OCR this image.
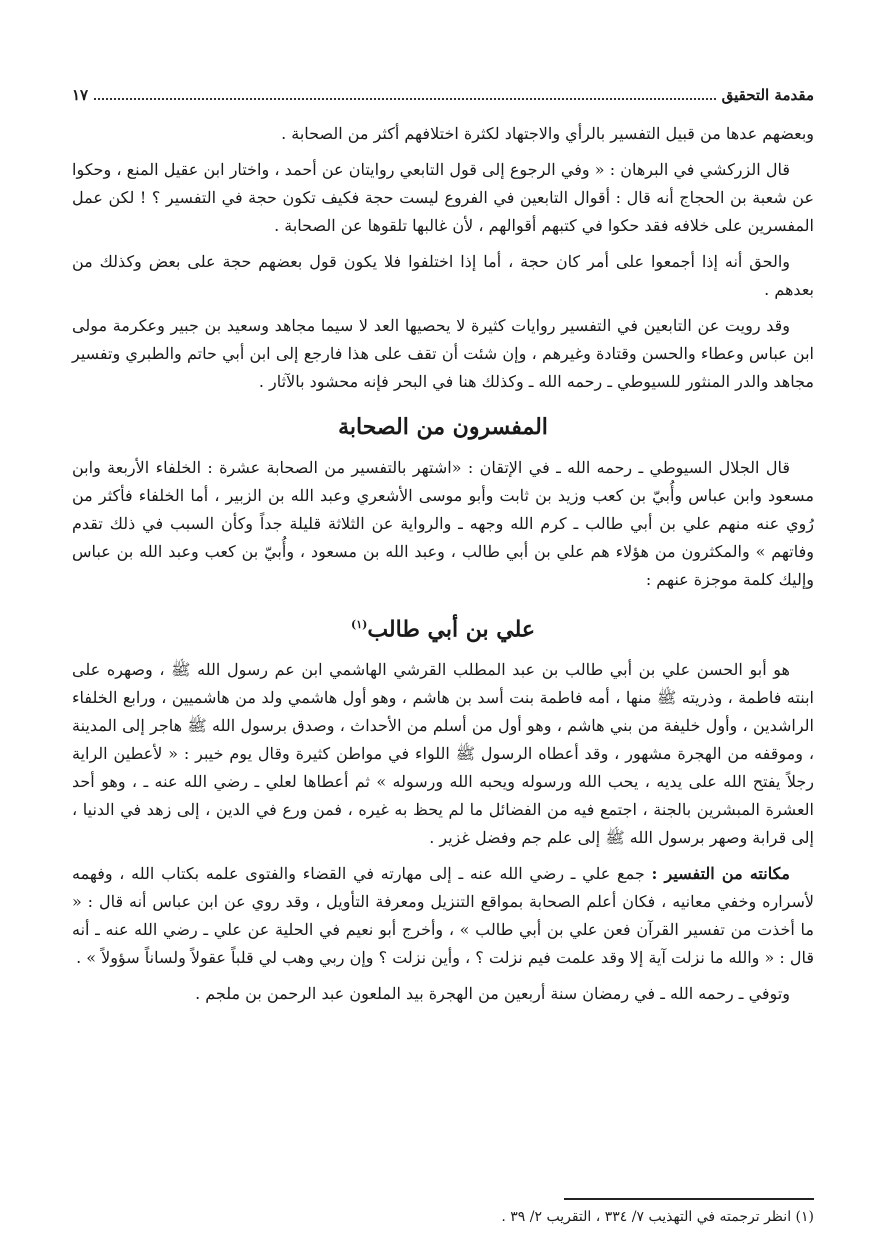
مقدمة التحقيق
١٧

وبعضهم عدها من قبيل التفسير بالرأي والاجتهاد لكثرة اختلافهم أكثر من الصحابة .

قال الزركشي في البرهان : « وفي الرجوع إلى قول التابعي روايتان عن أحمد ، واختار ابن عقيل المنع ، وحكوا عن شعبة بن الحجاج أنه قال : أقوال التابعين في الفروع ليست حجة فكيف تكون حجة في التفسير ؟ ! لكن عمل المفسرين على خلافه فقد حكوا في كتبهم أقوالهم ، لأن غالبها تلقوها عن الصحابة .

والحق أنه إذا أجمعوا على أمر كان حجة ، أما إذا اختلفوا فلا يكون قول بعضهم حجة على بعض وكذلك من بعدهم .

وقد رويت عن التابعين في التفسير روايات كثيرة لا يحصيها العد لا سيما مجاهد وسعيد بن جبير وعكرمة مولى ابن عباس وعطاء والحسن وقتادة وغيرهم ، وإن شئت أن تقف على هذا فارجع إلى ابن أبي حاتم والطبري وتفسير مجاهد والدر المنثور للسيوطي ـ رحمه الله ـ وكذلك هنا في البحر فإنه محشود بالآثار .

المفسرون من الصحابة

قال الجلال السيوطي ـ رحمه الله ـ في الإتقان : «اشتهر بالتفسير من الصحابة عشرة : الخلفاء الأربعة وابن مسعود وابن عباس وأُبيّ بن كعب وزيد بن ثابت وأبو موسى الأشعري وعبد الله بن الزبير ، أما الخلفاء فأكثر من رُوي عنه منهم علي بن أبي طالب ـ كرم الله وجهه ـ والرواية عن الثلاثة قليلة جداً وكأن السبب في ذلك تقدم وفاتهم » والمكثرون من هؤلاء هم علي بن أبي طالب ، وعبد الله بن مسعود ، وأُبيّ بن كعب وعبد الله بن عباس وإليك كلمة موجزة عنهم :

علي بن أبي طالب$^{(١)}$

هو أبو الحسن علي بن أبي طالب بن عبد المطلب القرشي الهاشمي ابن عم رسول الله ﷺ ، وصهره على ابنته فاطمة ، وذريته ﷺ منها ، أمه فاطمة بنت أسد بن هاشم ، وهو أول هاشمي ولد من هاشميين ، ورابع الخلفاء الراشدين ، وأول خليفة من بني هاشم ، وهو أول من أسلم من الأحداث ، وصدق برسول الله ﷺ هاجر إلى المدينة ، وموقفه من الهجرة مشهور ، وقد أعطاه الرسول ﷺ اللواء في مواطن كثيرة وقال يوم خيبر : « لأعطين الراية رجلاً يفتح الله على يديه ، يحب الله ورسوله ويحبه الله ورسوله » ثم أعطاها لعلي ـ رضي الله عنه ـ ، وهو أحد العشرة المبشرين بالجنة ، اجتمع فيه من الفضائل ما لم يحظ به غيره ، فمن ورع في الدين ، إلى زهد في الدنيا ، إلى قرابة وصهر برسول الله ﷺ إلى علم جم وفضل غزير .

مكانته من التفسير : جمع علي ـ رضي الله عنه ـ إلى مهارته في القضاء والفتوى علمه بكتاب الله ، وفهمه لأسراره وخفي معانيه ، فكان أعلم الصحابة بمواقع التنزيل ومعرفة التأويل ، وقد روي عن ابن عباس أنه قال : « ما أخذت من تفسير القرآن فعن علي بن أبي طالب » ، وأخرج أبو نعيم في الحلية عن علي ـ رضي الله عنه ـ أنه قال : « والله ما نزلت آية إلا وقد علمت فيم نزلت ؟ ، وأين نزلت ؟ وإن ربي وهب لي قلباً عقولاً ولساناً سؤولاً » .

وتوفي ـ رحمه الله ـ في رمضان سنة أربعين من الهجرة بيد الملعون عبد الرحمن بن ملجم .

(١) انظر ترجمته في التهذيب ٧/ ٣٣٤ ، التقريب ٢/ ٣٩ .
